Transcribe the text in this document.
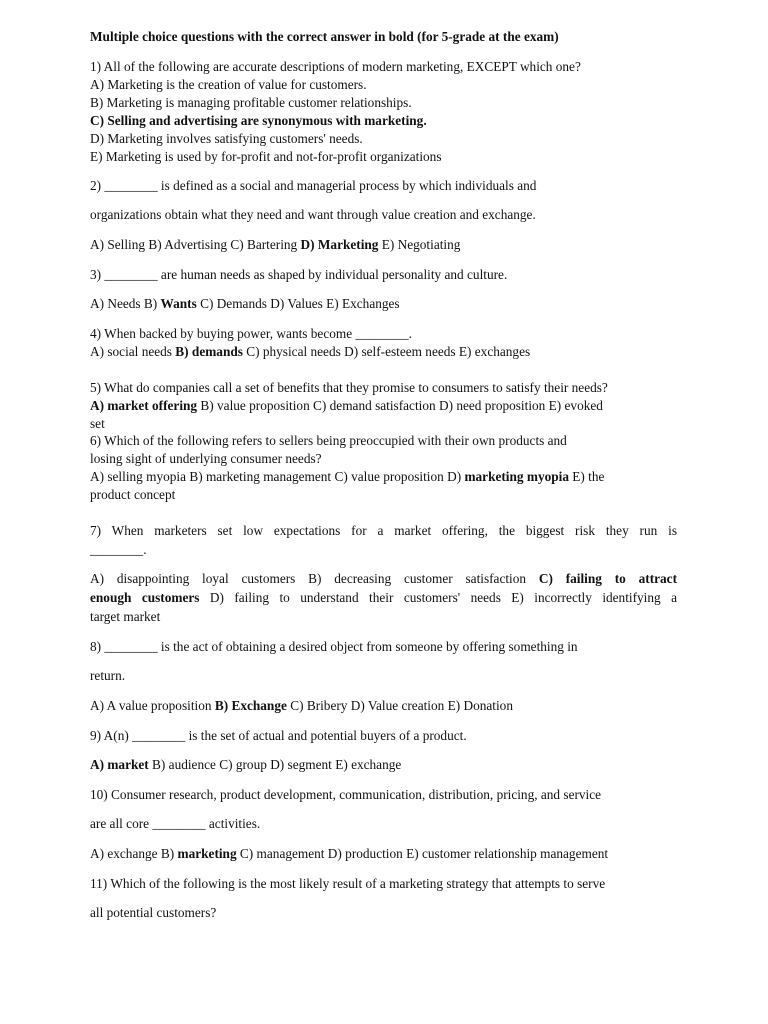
Multiple choice questions with the correct answer in bold (for 5-grade at the exam)
1) All of the following are accurate descriptions of modern marketing, EXCEPT which one?
A) Marketing is the creation of value for customers.
B) Marketing is managing profitable customer relationships.
C) Selling and advertising are synonymous with marketing.
D) Marketing involves satisfying customers' needs.
E) Marketing is used by for-profit and not-for-profit organizations
2) ________ is defined as a social and managerial process by which individuals and
organizations obtain what they need and want through value creation and exchange.
A) Selling B) Advertising C) Bartering D) Marketing E) Negotiating
3) ________ are human needs as shaped by individual personality and culture.
A) Needs B) Wants C) Demands D) Values E) Exchanges
4) When backed by buying power, wants become ________.
A) social needs B) demands C) physical needs D) self-esteem needs E) exchanges
5) What do companies call a set of benefits that they promise to consumers to satisfy their needs?
A) market offering B) value proposition C) demand satisfaction D) need proposition E) evoked
set
6) Which of the following refers to sellers being preoccupied with their own products and
losing sight of underlying consumer needs?
A) selling myopia B) marketing management C) value proposition D) marketing myopia E) the
product concept
7) When marketers set low expectations for a market offering, the biggest risk they run is
________.
A) disappointing loyal customers B) decreasing customer satisfaction C) failing to attract
enough customers D) failing to understand their customers' needs E) incorrectly identifying a
target market
8) ________ is the act of obtaining a desired object from someone by offering something in
return.
A) A value proposition B) Exchange C) Bribery D) Value creation E) Donation
9) A(n) ________ is the set of actual and potential buyers of a product.
A) market B) audience C) group D) segment E) exchange
10) Consumer research, product development, communication, distribution, pricing, and service
are all core ________ activities.
A) exchange B) marketing C) management D) production E) customer relationship management
11) Which of the following is the most likely result of a marketing strategy that attempts to serve
all potential customers?
